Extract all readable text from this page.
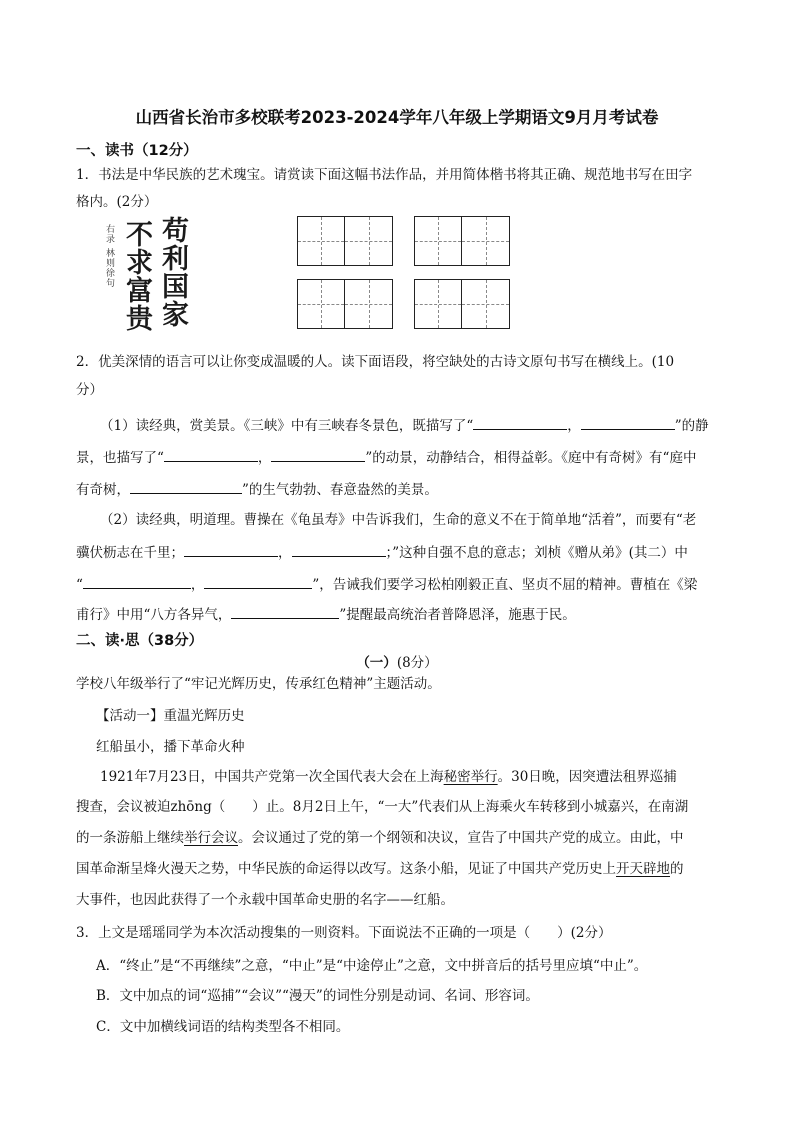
山西省长治市多校联考2023-2024学年八年级上学期语文9月月考试卷
一、读书（12分）
1．书法是中华民族的艺术瑰宝。请赏读下面这幅书法作品，并用简体楷书将其正确、规范地书写在田字
格内。(2分）
右录 林则徐句 不求富贵 苟利国家
2．优美深情的语言可以让你变成温暖的人。读下面语段，将空缺处的古诗文原句书写在横线上。(10
分）
（1）读经典，赏美景。《三峡》中有三峡春冬景色，既描写了“	，	”的静
景，也描写了“	，	”的动景，动静结合，相得益彰。《庭中有奇树》有“庭中
有奇树，	”的生气勃勃、春意盎然的美景。
（2）读经典，明道理。曹操在《龟虽寿》中告诉我们，生命的意义不在于简单地“活着”，而要有“老
骥伏枥志在千里；	，	；”这种自强不息的意志；刘桢《赠从弟》(其二）中
“	，	”，告诫我们要学习松柏刚毅正直、坚贞不屈的精神。曹植在《梁
甫行》中用“八方各异气，	”提醒最高统治者普降恩泽，施惠于民。
二、读·思（38分）
（一）(8分）
学校八年级举行了“牢记光辉历史，传承红色精神”主题活动。
【活动一】重温光辉历史
红船虽小，播下革命火种
1921年7月23日，中国共产党第一次全国代表大会在上海秘密举行。30日晚，因突遭法租界巡捕
搜查，会议被迫zhōng（　　）止。8月2日上午，“一大”代表们从上海乘火车转移到小城嘉兴，在南湖
的一条游船上继续举行会议。会议通过了党的第一个纲领和决议，宣告了中国共产党的成立。由此，中
国革命渐呈烽火漫天之势，中华民族的命运得以改写。这条小船，见证了中国共产党历史上开天辟地的
大事件，也因此获得了一个永载中国革命史册的名字——红船。
3．上文是瑶瑶同学为本次活动搜集的一则资料。下面说法不正确的一项是（　　）(2分）
A．“终止”是“不再继续”之意，“中止”是“中途停止”之意，文中拼音后的括号里应填“中止”。
B．文中加点的词“巡捕”“会议”“漫天”的词性分别是动词、名词、形容词。
C．文中加横线词语的结构类型各不相同。
